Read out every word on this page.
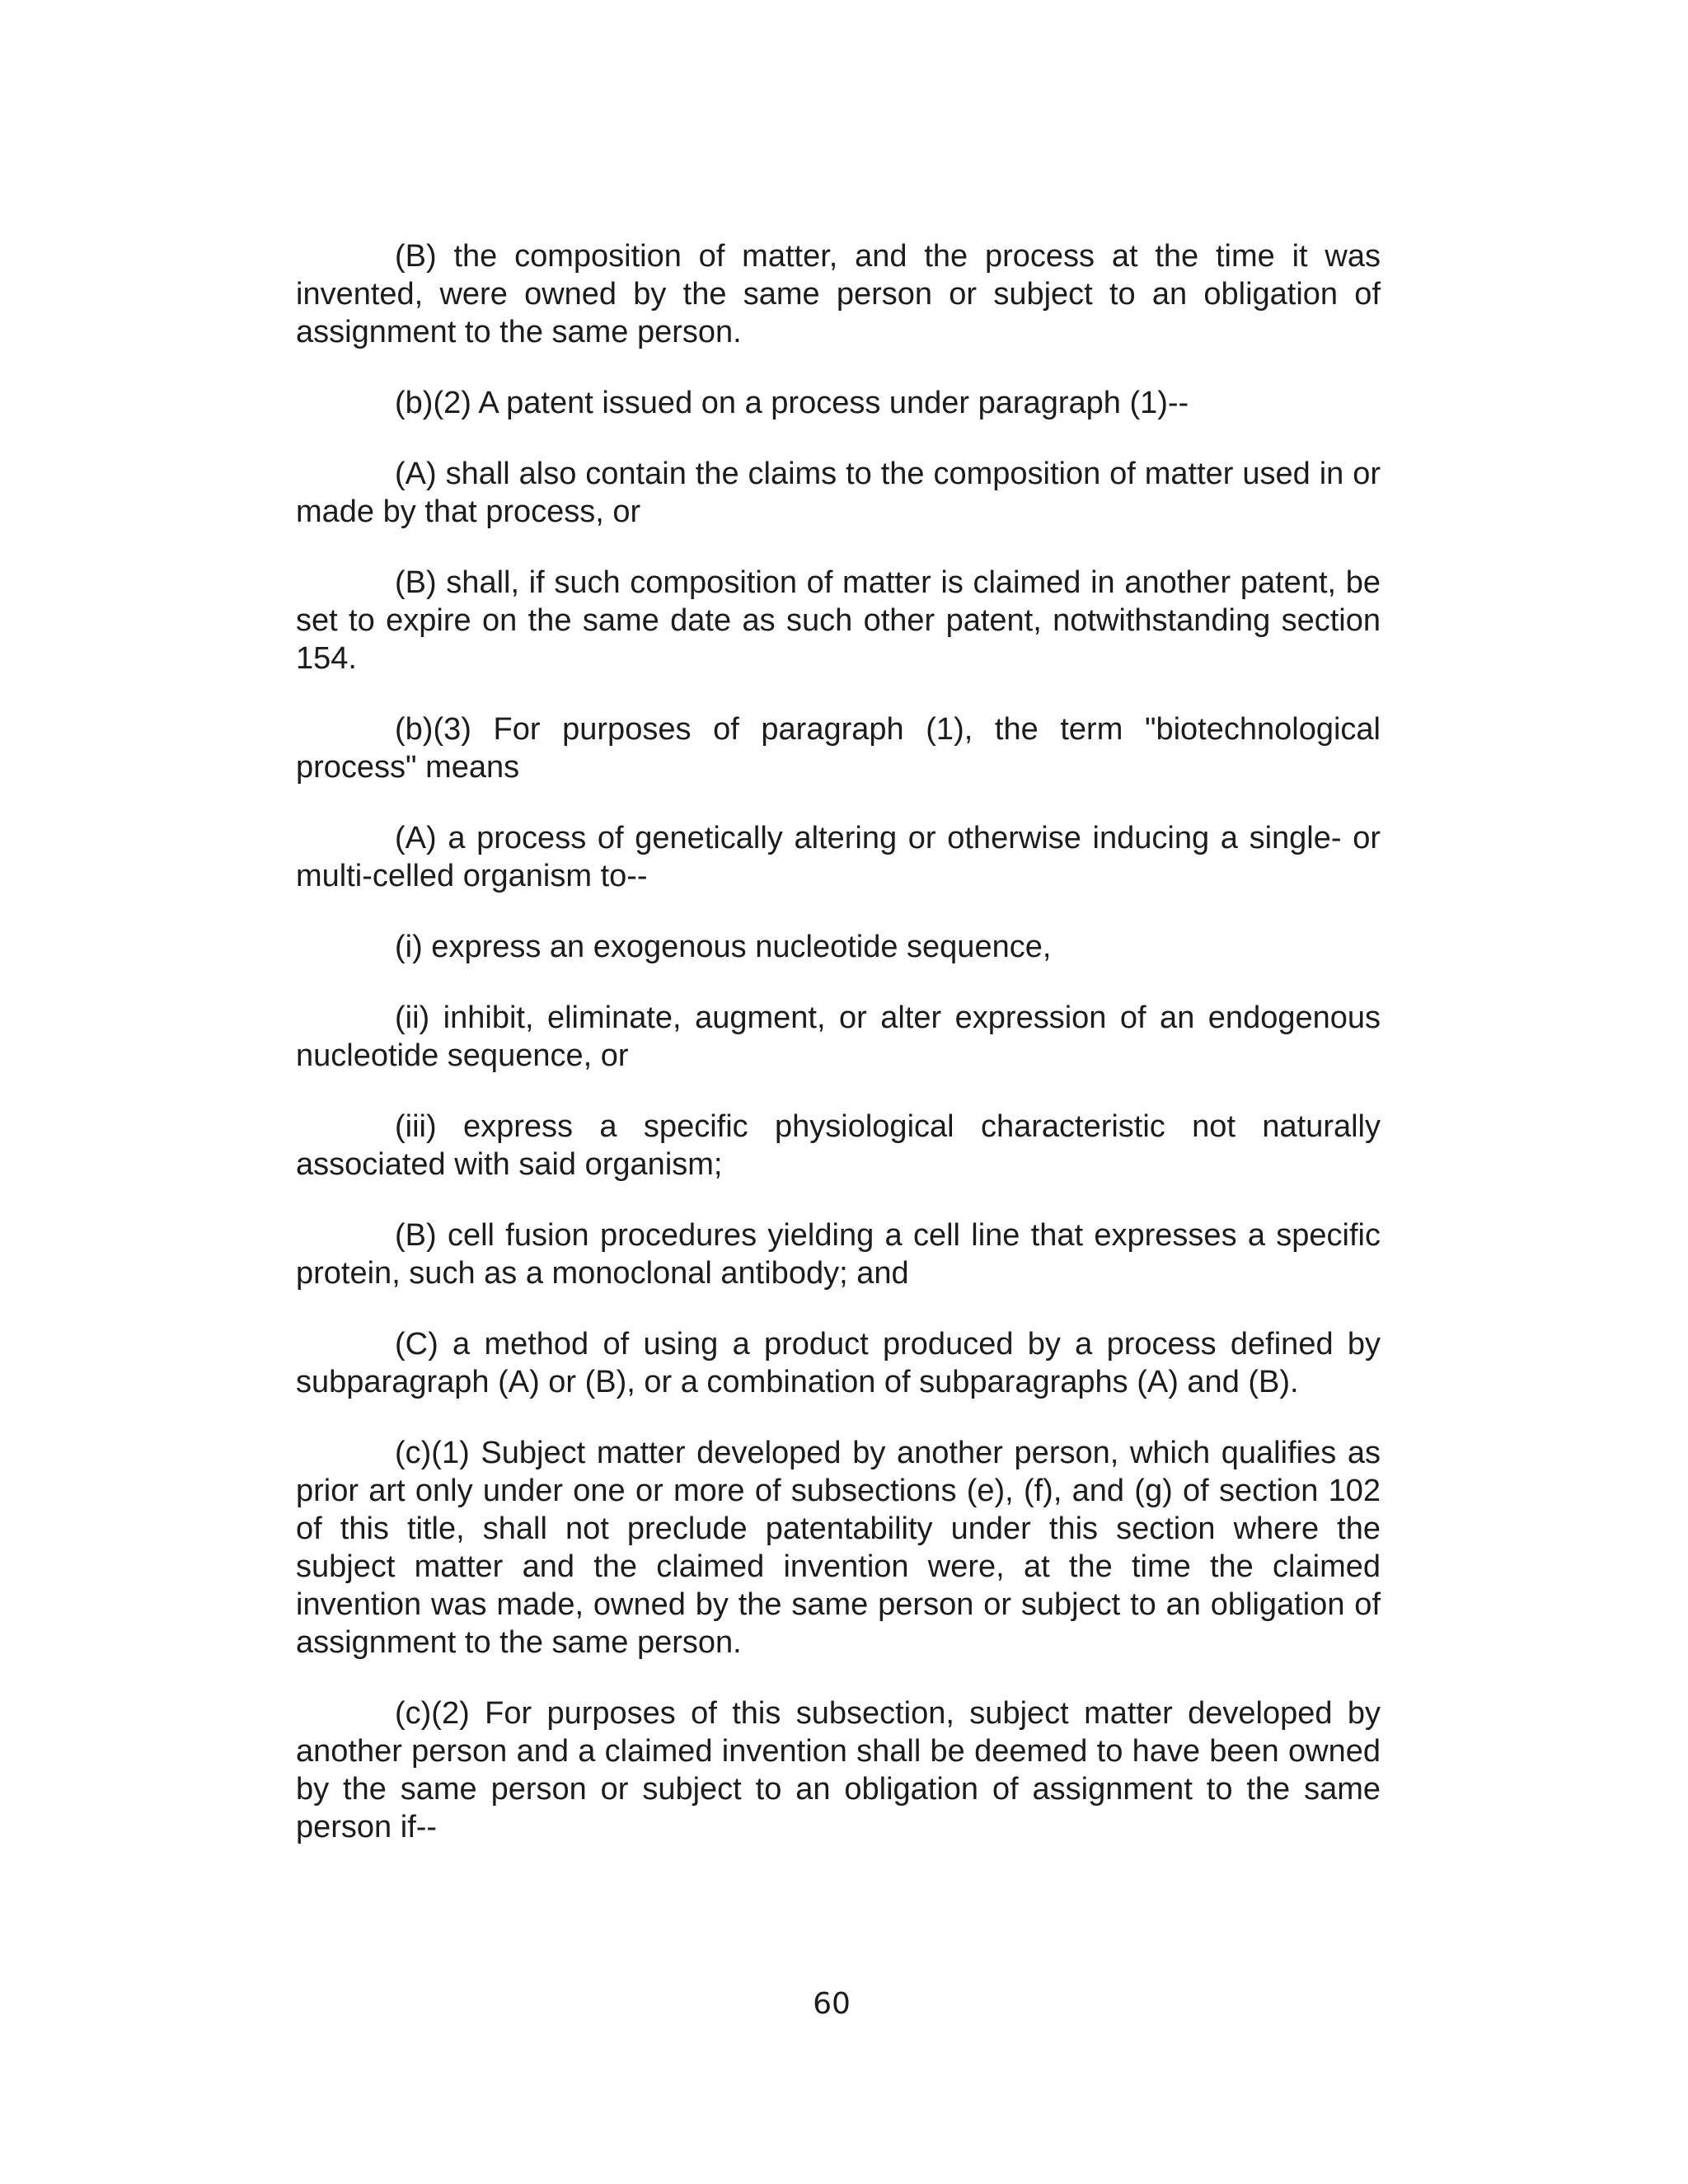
(B) the composition of matter, and the process at the time it was invented, were owned by the same person or subject to an obligation of assignment to the same person.

(b)(2) A patent issued on a process under paragraph (1)--

(A) shall also contain the claims to the composition of matter used in or made by that process, or

(B) shall, if such composition of matter is claimed in another patent, be set to expire on the same date as such other patent, notwithstanding section 154.

(b)(3) For purposes of paragraph (1), the term "biotechnological process" means

(A) a process of genetically altering or otherwise inducing a single- or multi-celled organism to--

(i) express an exogenous nucleotide sequence,

(ii) inhibit, eliminate, augment, or alter expression of an endogenous nucleotide sequence, or

(iii) express a specific physiological characteristic not naturally associated with said organism;

(B) cell fusion procedures yielding a cell line that expresses a specific protein, such as a monoclonal antibody; and

(C) a method of using a product produced by a process defined by subparagraph (A) or (B), or a combination of subparagraphs (A) and (B).

(c)(1) Subject matter developed by another person, which qualifies as prior art only under one or more of subsections (e), (f), and (g) of section 102 of this title, shall not preclude patentability under this section where the subject matter and the claimed invention were, at the time the claimed invention was made, owned by the same person or subject to an obligation of assignment to the same person.

(c)(2) For purposes of this subsection, subject matter developed by another person and a claimed invention shall be deemed to have been owned by the same person or subject to an obligation of assignment to the same person if--

60
